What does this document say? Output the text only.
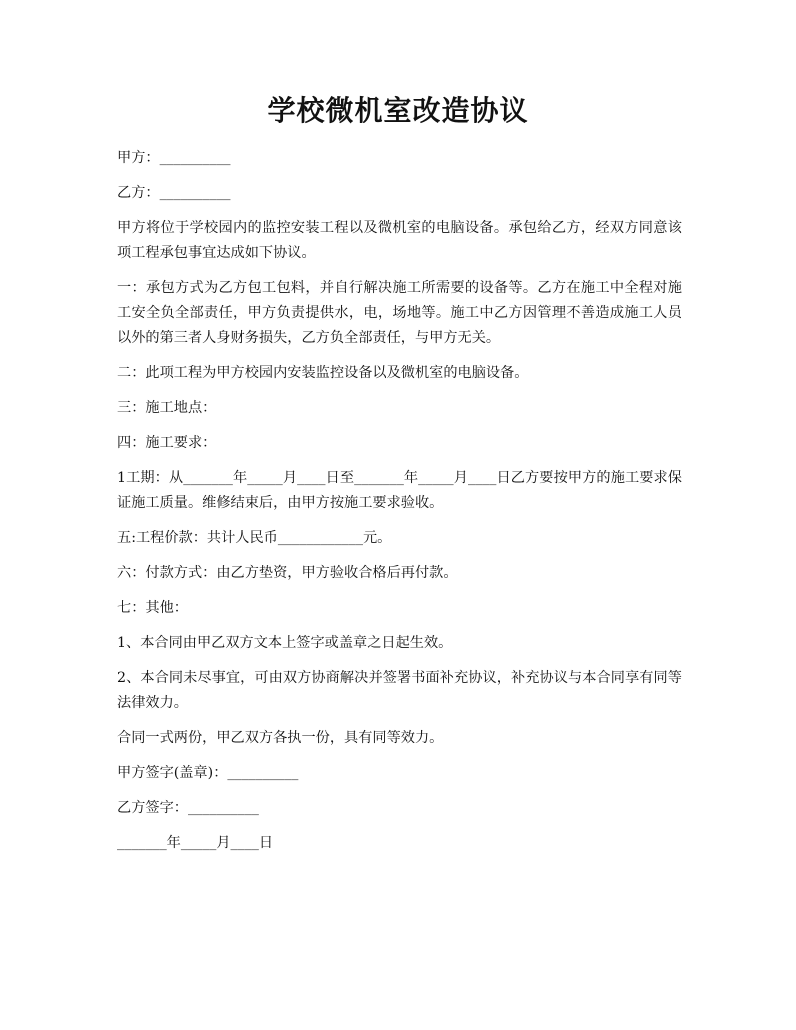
学校微机室改造协议

甲方：__________

乙方：__________

甲方将位于学校园内的监控安装工程以及微机室的电脑设备。承包给乙方，经双方同意该项工程承包事宜达成如下协议。

一：承包方式为乙方包工包料，并自行解决施工所需要的设备等。乙方在施工中全程对施工安全负全部责任，甲方负责提供水，电，场地等。施工中乙方因管理不善造成施工人员以外的第三者人身财务损失，乙方负全部责任，与甲方无关。

二：此项工程为甲方校园内安装监控设备以及微机室的电脑设备。

三：施工地点：

四：施工要求：

1工期：从_______年_____月____日至_______年_____月____日乙方要按甲方的施工要求保证施工质量。维修结束后，由甲方按施工要求验收。

五:工程价款：共计人民币____________元。

六：付款方式：由乙方垫资，甲方验收合格后再付款。

七：其他：

1、本合同由甲乙双方文本上签字或盖章之日起生效。

2、本合同未尽事宜，可由双方协商解决并签署书面补充协议，补充协议与本合同享有同等法律效力。

合同一式两份，甲乙双方各执一份，具有同等效力。

甲方签字(盖章)：__________

乙方签字：__________

_______年_____月____日
